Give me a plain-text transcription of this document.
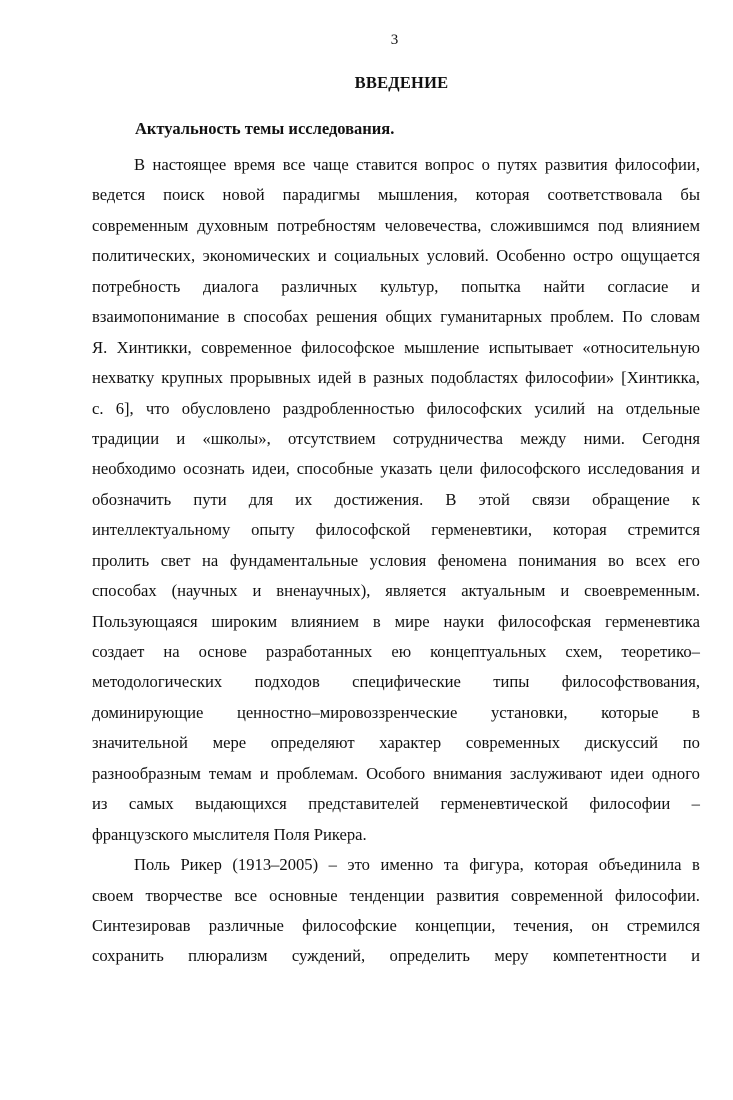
3
ВВЕДЕНИЕ
Актуальность темы исследования.
В настоящее время все чаще ставится вопрос о путях развития философии,
ведется поиск новой парадигмы мышления, которая соответствовала бы
современным духовным потребностям человечества, сложившимся под влиянием
политических, экономических и социальных условий. Особенно остро ощущается
потребность диалога различных культур, попытка найти согласие и
взаимопонимание в способах решения общих гуманитарных проблем. По словам
Я. Хинтикки, современное философское мышление испытывает «относительную
нехватку крупных прорывных идей в разных подобластях философии» [Хинтикка,
с. 6], что обусловлено раздробленностью философских усилий на отдельные
традиции и «школы», отсутствием сотрудничества между ними. Сегодня
необходимо осознать идеи, способные указать цели философского исследования и
обозначить пути для их достижения. В этой связи обращение к
интеллектуальному опыту философской герменевтики, которая стремится
пролить свет на фундаментальные условия феномена понимания во всех его
способах (научных и вненаучных), является актуальным и своевременным.
Пользующаяся широким влиянием в мире науки философская герменевтика
создает на основе разработанных ею концептуальных схем, теоретико–
методологических подходов специфические типы философствования,
доминирующие ценностно–мировоззренческие установки, которые в
значительной мере определяют характер современных дискуссий по
разнообразным темам и проблемам. Особого внимания заслуживают идеи одного
из самых выдающихся представителей герменевтической философии –
французского мыслителя Поля Рикера.
Поль Рикер (1913–2005) – это именно та фигура, которая объединила в
своем творчестве все основные тенденции развития современной философии.
Синтезировав различные философские концепции, течения, он стремился
сохранить плюрализм суждений, определить меру компетентности и
